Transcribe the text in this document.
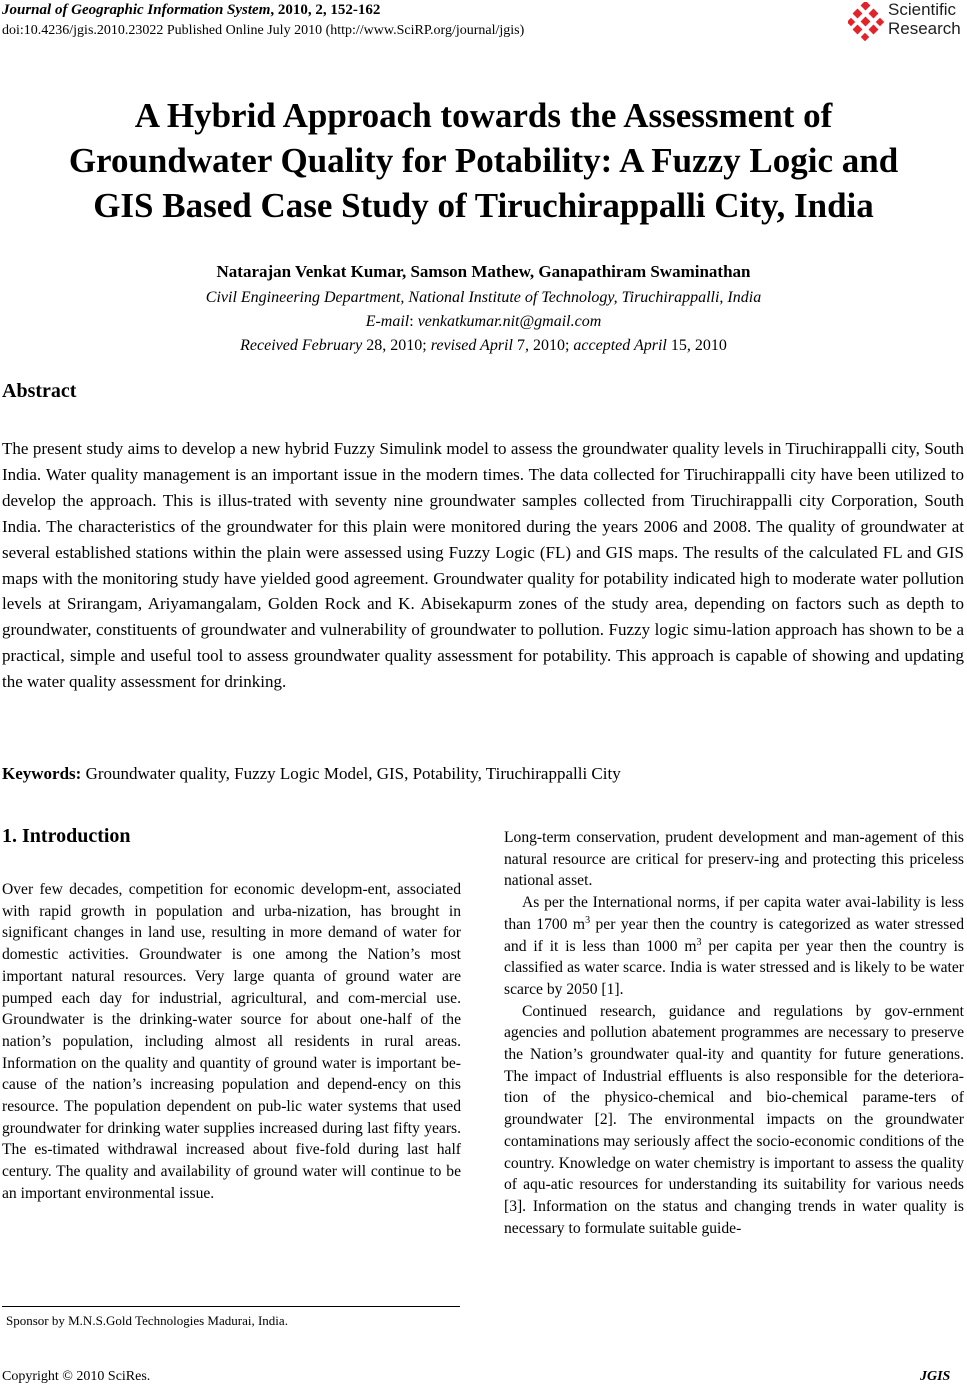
Journal of Geographic Information System, 2010, 2, 152-162
doi:10.4236/jgis.2010.23022 Published Online July 2010 (http://www.SciRP.org/journal/jgis)
Scientific
Research
A Hybrid Approach towards the Assessment of
Groundwater Quality for Potability: A Fuzzy Logic and
GIS Based Case Study of Tiruchirappalli City, India
Natarajan Venkat Kumar, Samson Mathew, Ganapathiram Swaminathan
Civil Engineering Department, National Institute of Technology, Tiruchirappalli, India
E-mail: venkatkumar.nit@gmail.com
Received February 28, 2010; revised April 7, 2010; accepted April 15, 2010
Abstract
The present study aims to develop a new hybrid Fuzzy Simulink model to assess the groundwater quality levels in Tiruchirappalli city, South India. Water quality management is an important issue in the modern times. The data collected for Tiruchirappalli city have been utilized to develop the approach. This is illus-trated with seventy nine groundwater samples collected from Tiruchirappalli city Corporation, South India. The characteristics of the groundwater for this plain were monitored during the years 2006 and 2008. The quality of groundwater at several established stations within the plain were assessed using Fuzzy Logic (FL) and GIS maps. The results of the calculated FL and GIS maps with the monitoring study have yielded good agreement. Groundwater quality for potability indicated high to moderate water pollution levels at Srirangam, Ariyamangalam, Golden Rock and K. Abisekapurm zones of the study area, depending on factors such as depth to groundwater, constituents of groundwater and vulnerability of groundwater to pollution. Fuzzy logic simu-lation approach has shown to be a practical, simple and useful tool to assess groundwater quality assessment for potability. This approach is capable of showing and updating the water quality assessment for drinking.
Keywords: Groundwater quality, Fuzzy Logic Model, GIS, Potability, Tiruchirappalli City
1. Introduction

Over few decades, competition for economic developm-ent, associated with rapid growth in population and urba-nization, has brought in significant changes in land use, resulting in more demand of water for domestic activities. Groundwater is one among the Nation’s most important natural resources. Very large quanta of ground water are pumped each day for industrial, agricultural, and com-mercial use. Groundwater is the drinking-water source for about one-half of the nation’s population, including almost all residents in rural areas. Information on the quality and quantity of ground water is important be-cause of the nation’s increasing population and depend-ency on this resource. The population dependent on pub-lic water systems that used groundwater for drinking water supplies increased during last fifty years. The es-timated withdrawal increased about five-fold during last half century. The quality and availability of ground water will continue to be an important environmental issue.

Long-term conservation, prudent development and man-agement of this natural resource are critical for preserv-ing and protecting this priceless national asset.

As per the International norms, if per capita water avai-lability is less than 1700 $m^3$ per year then the country is categorized as water stressed and if it is less than 1000 $m^3$ per capita per year then the country is classified as water scarce. India is water stressed and is likely to be water scarce by 2050 [1].

Continued research, guidance and regulations by gov-ernment agencies and pollution abatement programmes are necessary to preserve the Nation’s groundwater qual-ity and quantity for future generations. The impact of Industrial effluents is also responsible for the deteriora-tion of the physico-chemical and bio-chemical parame-ters of groundwater [2]. The environmental impacts on the groundwater contaminations may seriously affect the socio-economic conditions of the country. Knowledge on water chemistry is important to assess the quality of aqu-atic resources for understanding its suitability for various needs [3]. Information on the status and changing trends in water quality is necessary to formulate suitable guide-

Sponsor by M.N.S.Gold Technologies Madurai, India.
Copyright © 2010 SciRes.	JGIS
